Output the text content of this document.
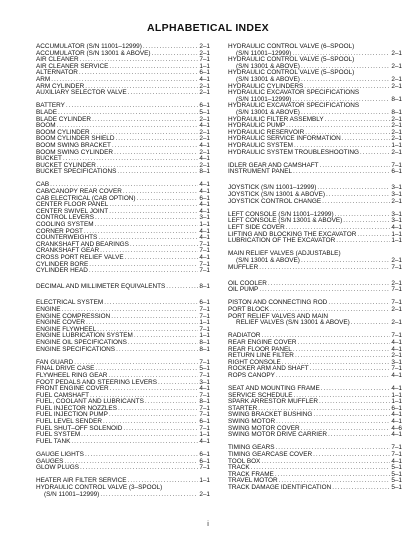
ALPHABETICAL INDEX
ACCUMULATOR (S/N 11001–12999) .....	2–1
ACCUMULATOR (S/N 13001 & ABOVE) .....	2–1
AIR CLEANER .....	7–1
AIR CLEANER SERVICE .....	1–1
ALTERNATOR .....	6–1
ARM .....	4–1
ARM CYLINDER .....	2–1
AUXILIARY SELECTOR VALVE .....	2–1
BATTERY .....	6–1
BLADE .....	5–1
BLADE CYLINDER .....	2–1
BOOM .....	4–1
BOOM CYLINDER .....	2–1
BOOM CYLINDER SHIELD .....	2–1
BOOM SWING BRACKET .....	4–1
BOOM SWING CYLINDER .....	2–1
BUCKET .....	4–1
BUCKET CYLINDER .....	2–1
BUCKET SPECIFICATIONS .....	8–1
CAB .....	4–1
CAB/CANOPY REAR COVER .....	4–1
CAB ELECTRICAL (CAB OPTION) .....	6–1
CENTER FLOOR PANEL .....	4–1
CENTER SWIVEL JOINT .....	4–1
CONTROL LEVERS .....	3–1
COOLING SYSTEM .....	1–1
CORNER POST .....	4–1
COUNTERWEIGHTS .....	4–1
CRANKSHAFT AND BEARINGS .....	7–1
CRANKSHAFT GEAR .....	7–1
CROSS PORT RELIEF VALVE .....	4–1
CYLINDER BORE .....	7–1
CYLINDER HEAD .....	7–1
DECIMAL AND MILLIMETER EQUIVALENTS .....	8–1
ELECTRICAL SYSTEM .....	6–1
ENGINE .....	7–1
ENGINE COMPRESSION .....	7–1
ENGINE COVER .....	1–1
ENGINE FLYWHEEL .....	7–1
ENGINE LUBRICATION SYSTEM .....	1–1
ENGINE OIL SPECIFICATIONS .....	8–1
ENGINE SPECIFICATIONS .....	8–1
FAN GUARD .....	7–1
FINAL DRIVE CASE .....	5–1
FLYWHEEL RING GEAR .....	7–1
FOOT PEDALS AND STEERING LEVERS .....	3–1
FRONT ENGINE COVER .....	4–1
FUEL CAMSHAFT .....	7–1
FUEL, COOLANT AND LUBRICANTS .....	8–1
FUEL INJECTOR NOZZLES .....	7–1
FUEL INJECTION PUMP .....	7–1
FUEL LEVEL SENDER .....	6–1
FUEL SHUT–OFF SOLENOID .....	7–1
FUEL SYSTEM .....	1–1
FUEL TANK .....	4–1
GAUGE LIGHTS .....	6–1
GAUGES .....	6–1
GLOW PLUGS .....	7–1
HEATER AIR FILTER SERVICE .....	1–1
HYDRAULIC CONTROL VALVE (3–SPOOL)
(S/N 11001–12999) .....	2–1
HYDRAULIC CONTROL VALVE (6–SPOOL)
(S/N 11001–12999) .....	2–1
HYDRAULIC CONTROL VALVE (5–SPOOL)
(S/N 13001 & ABOVE) .....	2–1
HYDRAULIC CONTROL VALVE (5–SPOOL)
(S/N 13001 & ABOVE) .....	2–1
HYDRAULIC CYLINDERS .....	2–1
HYDRAULIC EXCAVATOR SPECIFICATIONS
(S/N 11001–12999) .....	8–1
HYDRAULIC EXCAVATOR SPECIFICATIONS
(S/N 13001 & ABOVE) .....	8–1
HYDRAULIC FILTER ASSEMBLY .....	2–1
HYDRAULIC PUMP .....	2–1
HYDRAULIC RESERVOIR .....	2–1
HYDRAULIC SERVICE INFORMATION .....	2–1
HYDRAULIC SYSTEM .....	1–1
HYDRAULIC SYSTEM TROUBLESHOOTING .....	2–1
IDLER GEAR AND CAMSHAFT .....	7–1
INSTRUMENT PANEL .....	6–1
JOYSTICK (S/N 11001–12999) .....	3–1
JOYSTICK (S/N 13001 & ABOVE) .....	3–1
JOYSTICK CONTROL CHANGE .....	2–1
LEFT CONSOLE (S/N 11001–12999) .....	3–1
LEFT CONSOLE (S/N 13001 & ABOVE) .....	3–1
LEFT SIDE COVER .....	4–1
LIFTING AND BLOCKING THE EXCAVATOR .....	1–1
LUBRICATION OF THE EXCAVATOR .....	1–1
MAIN RELIEF VALVES (ADJUSTABLE)
(S/N 13001 & ABOVE) .....	2–1
MUFFLER .....	7–1
OIL COOLER .....	2–1
OIL PUMP .....	7–1
PISTON AND CONNECTING ROD .....	7–1
PORT BLOCK .....	2–1
PORT RELIEF VALVES AND MAIN
RELIEF VALVES (S/N 13001 & ABOVE) .....	2–1
RADIATOR .....	7–1
REAR ENGINE COVER .....	4–1
REAR FLOOR PANEL .....	4–1
RETURN LINE FILTER .....	2–1
RIGHT CONSOLE .....	3–1
ROCKER ARM AND SHAFT .....	7–1
ROPS CANOPY .....	4–1
SEAT AND MOUNTING FRAME .....	4–1
SERVICE SCHEDULE .....	1–1
SPARK ARRESTOR MUFFLER .....	1–1
STARTER .....	6–1
SWING BRACKET BUSHING .....	4–1
SWING MOTOR .....	4–1
SWING MOTOR COVER .....	4–6
SWING MOTOR DRIVE CARRIER .....	4–1
TIMING GEARS .....	7–1
TIMING GEARCASE COVER .....	7–1
TOOL BOX .....	4–1
TRACK .....	5–1
TRACK FRAME .....	5–1
TRAVEL MOTOR .....	5–1
TRACK DAMAGE IDENTIFICATION .....	5–1
i
